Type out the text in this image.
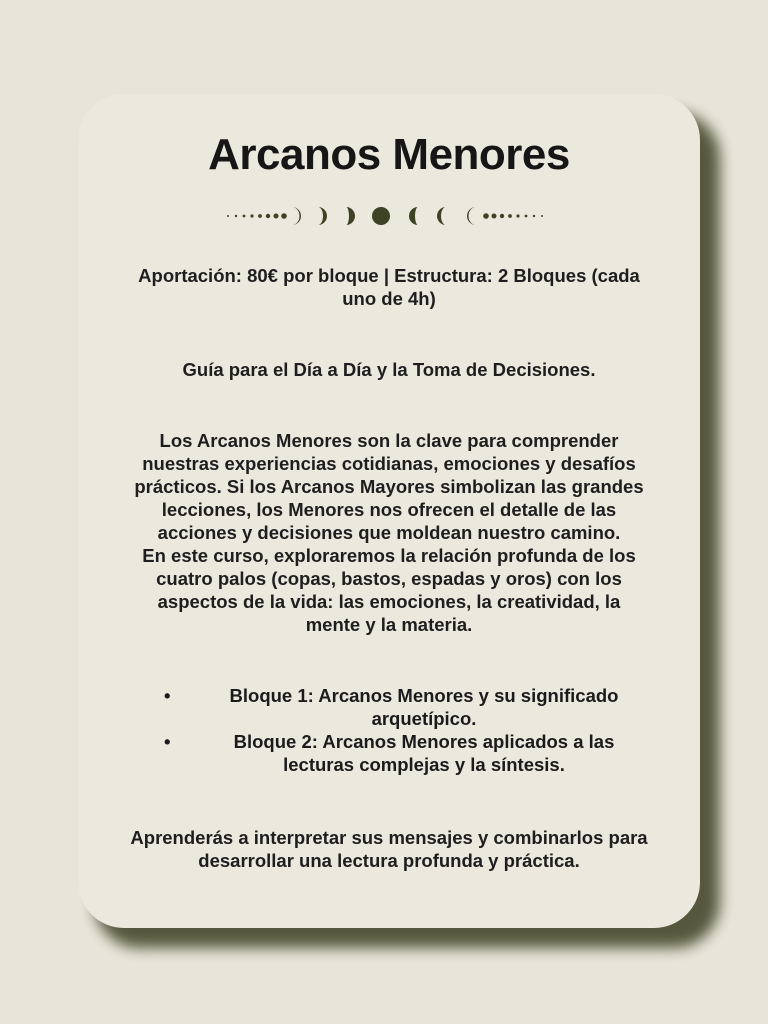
Arcanos Menores

Aportación: 80€ por bloque | Estructura: 2 Bloques (cada uno de 4h)

Guía para el Día a Día y la Toma de Decisiones.

Los Arcanos Menores son la clave para comprender nuestras experiencias cotidianas, emociones y desafíos prácticos. Si los Arcanos Mayores simbolizan las grandes lecciones, los Menores nos ofrecen el detalle de las acciones y decisiones que moldean nuestro camino.

En este curso, exploraremos la relación profunda de los cuatro palos (copas, bastos, espadas y oros) con los aspectos de la vida: las emociones, la creatividad, la mente y la materia.

•	Bloque 1: Arcanos Menores y su significado arquetípico.
•	Bloque 2: Arcanos Menores aplicados a las lecturas complejas y la síntesis.

Aprenderás a interpretar sus mensajes y combinarlos para desarrollar una lectura profunda y práctica.
